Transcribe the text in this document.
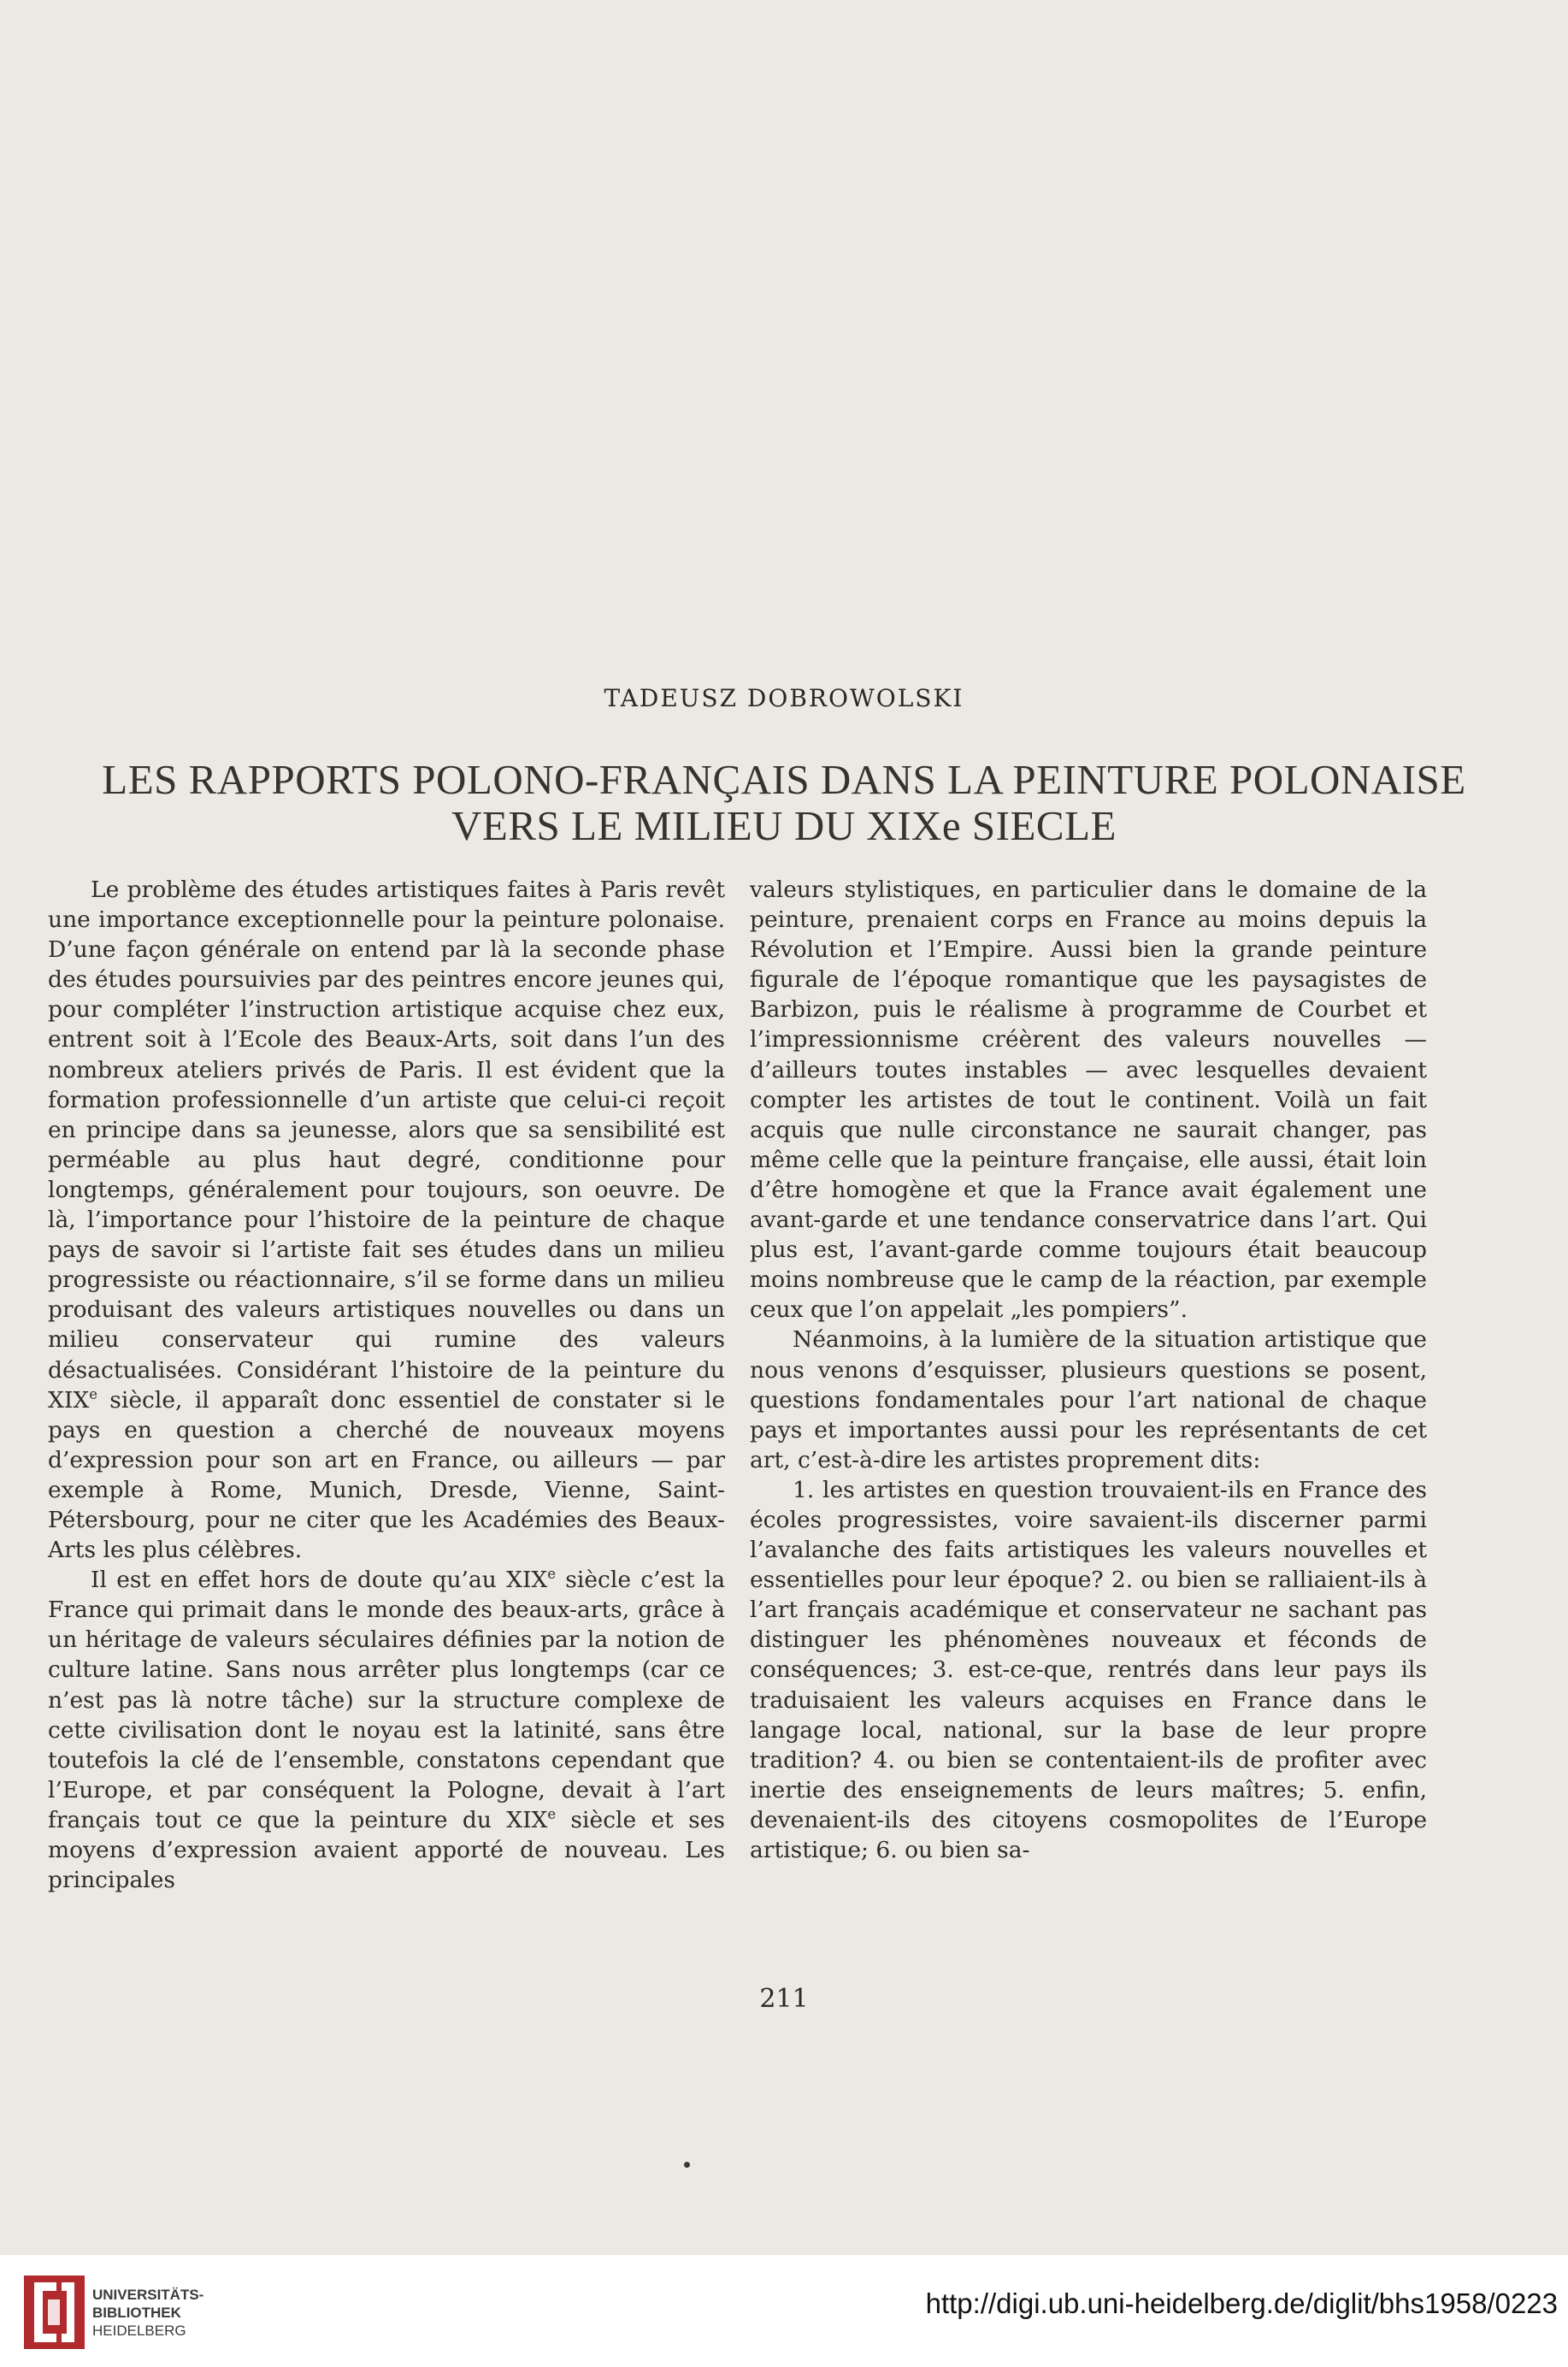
TADEUSZ DOBROWOLSKI
LES RAPPORTS POLONO-FRANÇAIS DANS LA PEINTURE POLONAISE
VERS LE MILIEU DU XIXe SIECLE

Le problème des études artistiques faites à Paris revêt une importance exceptionnelle pour la peinture polonaise. D’une façon générale on entend par là la seconde phase des études poursuivies par des peintres encore jeunes qui, pour compléter l’instruction artistique acquise chez eux, entrent soit à l’Ecole des Beaux-Arts, soit dans l’un des nombreux ateliers privés de Paris. Il est évident que la formation professionnelle d’un artiste que celui-ci reçoit en principe dans sa jeunesse, alors que sa sensibilité est perméable au plus haut degré, conditionne pour longtemps, généralement pour toujours, son oeuvre. De là, l’importance pour l’histoire de la peinture de chaque pays de savoir si l’artiste fait ses études dans un milieu progressiste ou réactionnaire, s’il se forme dans un milieu produisant des valeurs artistiques nouvelles ou dans un milieu conservateur qui rumine des valeurs désactualisées. Considérant l’histoire de la peinture du XIXe siècle, il apparaît donc essentiel de constater si le pays en question a cherché de nouveaux moyens d’expression pour son art en France, ou ailleurs — par exemple à Rome, Munich, Dresde, Vienne, Saint-Pétersbourg, pour ne citer que les Académies des Beaux-Arts les plus célèbres.

Il est en effet hors de doute qu’au XIXe siècle c’est la France qui primait dans le monde des beaux-arts, grâce à un héritage de valeurs séculaires définies par la notion de culture latine. Sans nous arrêter plus longtemps (car ce n’est pas là notre tâche) sur la structure complexe de cette civilisation dont le noyau est la latinité, sans être toutefois la clé de l’ensemble, constatons cependant que l’Europe, et par conséquent la Pologne, devait à l’art français tout ce que la peinture du XIXe siècle et ses moyens d’expression avaient apporté de nouveau. Les principales

valeurs stylistiques, en particulier dans le domaine de la peinture, prenaient corps en France au moins depuis la Révolution et l’Empire. Aussi bien la grande peinture figurale de l’époque romantique que les paysagistes de Barbizon, puis le réalisme à programme de Courbet et l’impressionnisme créèrent des valeurs nouvelles — d’ailleurs toutes instables — avec lesquelles devaient compter les artistes de tout le continent. Voilà un fait acquis que nulle circonstance ne saurait changer, pas même celle que la peinture française, elle aussi, était loin d’être homogène et que la France avait également une avant-garde et une tendance conservatrice dans l’art. Qui plus est, l’avant-garde comme toujours était beaucoup moins nombreuse que le camp de la réaction, par exemple ceux que l’on appelait „les pompiers”.

Néanmoins, à la lumière de la situation artistique que nous venons d’esquisser, plusieurs questions se posent, questions fondamentales pour l’art national de chaque pays et importantes aussi pour les représentants de cet art, c’est-à-dire les artistes proprement dits:

1. les artistes en question trouvaient-ils en France des écoles progressistes, voire savaient-ils discerner parmi l’avalanche des faits artistiques les valeurs nouvelles et essentielles pour leur époque? 2. ou bien se ralliaient-ils à l’art français académique et conservateur ne sachant pas distinguer les phénomènes nouveaux et féconds de conséquences; 3. est-ce-que, rentrés dans leur pays ils traduisaient les valeurs acquises en France dans le langage local, national, sur la base de leur propre tradition? 4. ou bien se contentaient-ils de profiter avec inertie des enseignements de leurs maîtres; 5. enfin, devenaient-ils des citoyens cosmopolites de l’Europe artistique; 6. ou bien sa-

211
UNIVERSITÄTS-
BIBLIOTHEK
HEIDELBERG
http://digi.ub.uni-heidelberg.de/diglit/bhs1958/0223
